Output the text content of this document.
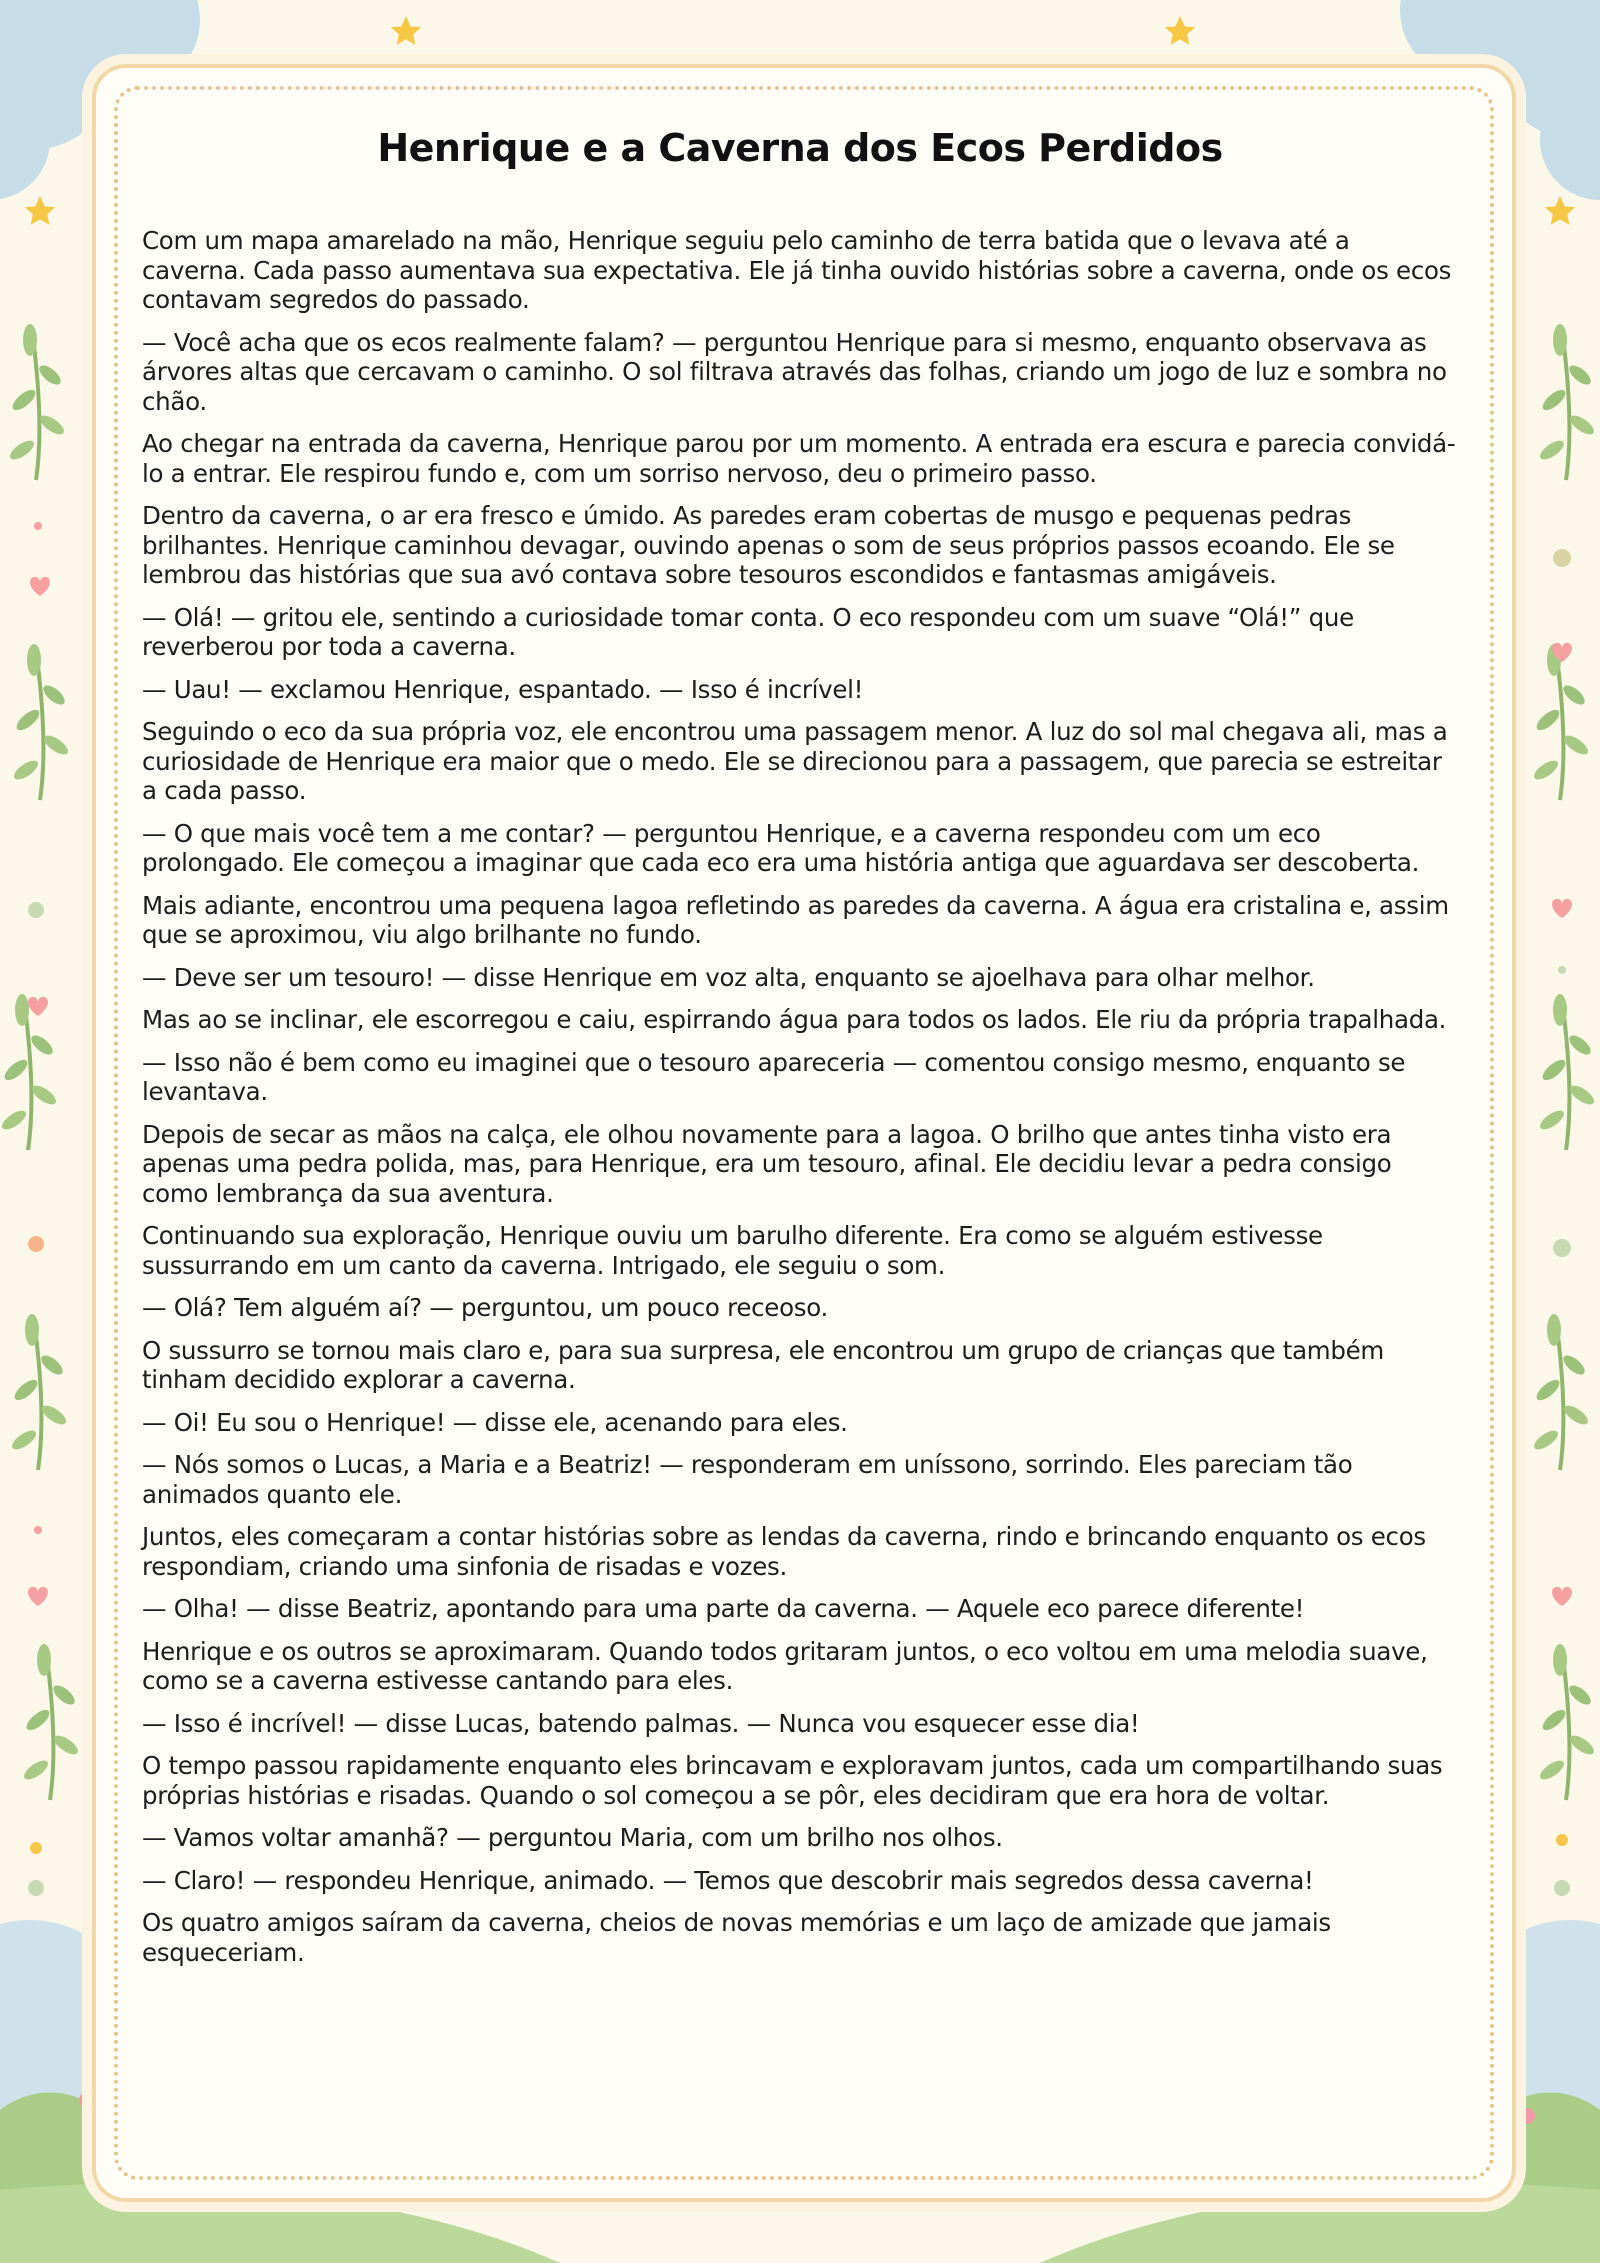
Henrique e a Caverna dos Ecos Perdidos

Com um mapa amarelado na mão, Henrique seguiu pelo caminho de terra batida que o levava até a caverna. Cada passo aumentava sua expectativa. Ele já tinha ouvido histórias sobre a caverna, onde os ecos contavam segredos do passado.

— Você acha que os ecos realmente falam? — perguntou Henrique para si mesmo, enquanto observava as árvores altas que cercavam o caminho. O sol filtrava através das folhas, criando um jogo de luz e sombra no chão.

Ao chegar na entrada da caverna, Henrique parou por um momento. A entrada era escura e parecia convidá-lo a entrar. Ele respirou fundo e, com um sorriso nervoso, deu o primeiro passo.

Dentro da caverna, o ar era fresco e úmido. As paredes eram cobertas de musgo e pequenas pedras brilhantes. Henrique caminhou devagar, ouvindo apenas o som de seus próprios passos ecoando. Ele se lembrou das histórias que sua avó contava sobre tesouros escondidos e fantasmas amigáveis.

— Olá! — gritou ele, sentindo a curiosidade tomar conta. O eco respondeu com um suave “Olá!” que reverberou por toda a caverna.

— Uau! — exclamou Henrique, espantado. — Isso é incrível!

Seguindo o eco da sua própria voz, ele encontrou uma passagem menor. A luz do sol mal chegava ali, mas a curiosidade de Henrique era maior que o medo. Ele se direcionou para a passagem, que parecia se estreitar a cada passo.

— O que mais você tem a me contar? — perguntou Henrique, e a caverna respondeu com um eco prolongado. Ele começou a imaginar que cada eco era uma história antiga que aguardava ser descoberta.

Mais adiante, encontrou uma pequena lagoa refletindo as paredes da caverna. A água era cristalina e, assim que se aproximou, viu algo brilhante no fundo.

— Deve ser um tesouro! — disse Henrique em voz alta, enquanto se ajoelhava para olhar melhor.

Mas ao se inclinar, ele escorregou e caiu, espirrando água para todos os lados. Ele riu da própria trapalhada.

— Isso não é bem como eu imaginei que o tesouro apareceria — comentou consigo mesmo, enquanto se levantava.

Depois de secar as mãos na calça, ele olhou novamente para a lagoa. O brilho que antes tinha visto era apenas uma pedra polida, mas, para Henrique, era um tesouro, afinal. Ele decidiu levar a pedra consigo como lembrança da sua aventura.

Continuando sua exploração, Henrique ouviu um barulho diferente. Era como se alguém estivesse sussurrando em um canto da caverna. Intrigado, ele seguiu o som.

— Olá? Tem alguém aí? — perguntou, um pouco receoso.

O sussurro se tornou mais claro e, para sua surpresa, ele encontrou um grupo de crianças que também tinham decidido explorar a caverna.

— Oi! Eu sou o Henrique! — disse ele, acenando para eles.

— Nós somos o Lucas, a Maria e a Beatriz! — responderam em uníssono, sorrindo. Eles pareciam tão animados quanto ele.

Juntos, eles começaram a contar histórias sobre as lendas da caverna, rindo e brincando enquanto os ecos respondiam, criando uma sinfonia de risadas e vozes.

— Olha! — disse Beatriz, apontando para uma parte da caverna. — Aquele eco parece diferente!

Henrique e os outros se aproximaram. Quando todos gritaram juntos, o eco voltou em uma melodia suave, como se a caverna estivesse cantando para eles.

— Isso é incrível! — disse Lucas, batendo palmas. — Nunca vou esquecer esse dia!

O tempo passou rapidamente enquanto eles brincavam e exploravam juntos, cada um compartilhando suas próprias histórias e risadas. Quando o sol começou a se pôr, eles decidiram que era hora de voltar.

— Vamos voltar amanhã? — perguntou Maria, com um brilho nos olhos.

— Claro! — respondeu Henrique, animado. — Temos que descobrir mais segredos dessa caverna!

Os quatro amigos saíram da caverna, cheios de novas memórias e um laço de amizade que jamais esqueceriam.
